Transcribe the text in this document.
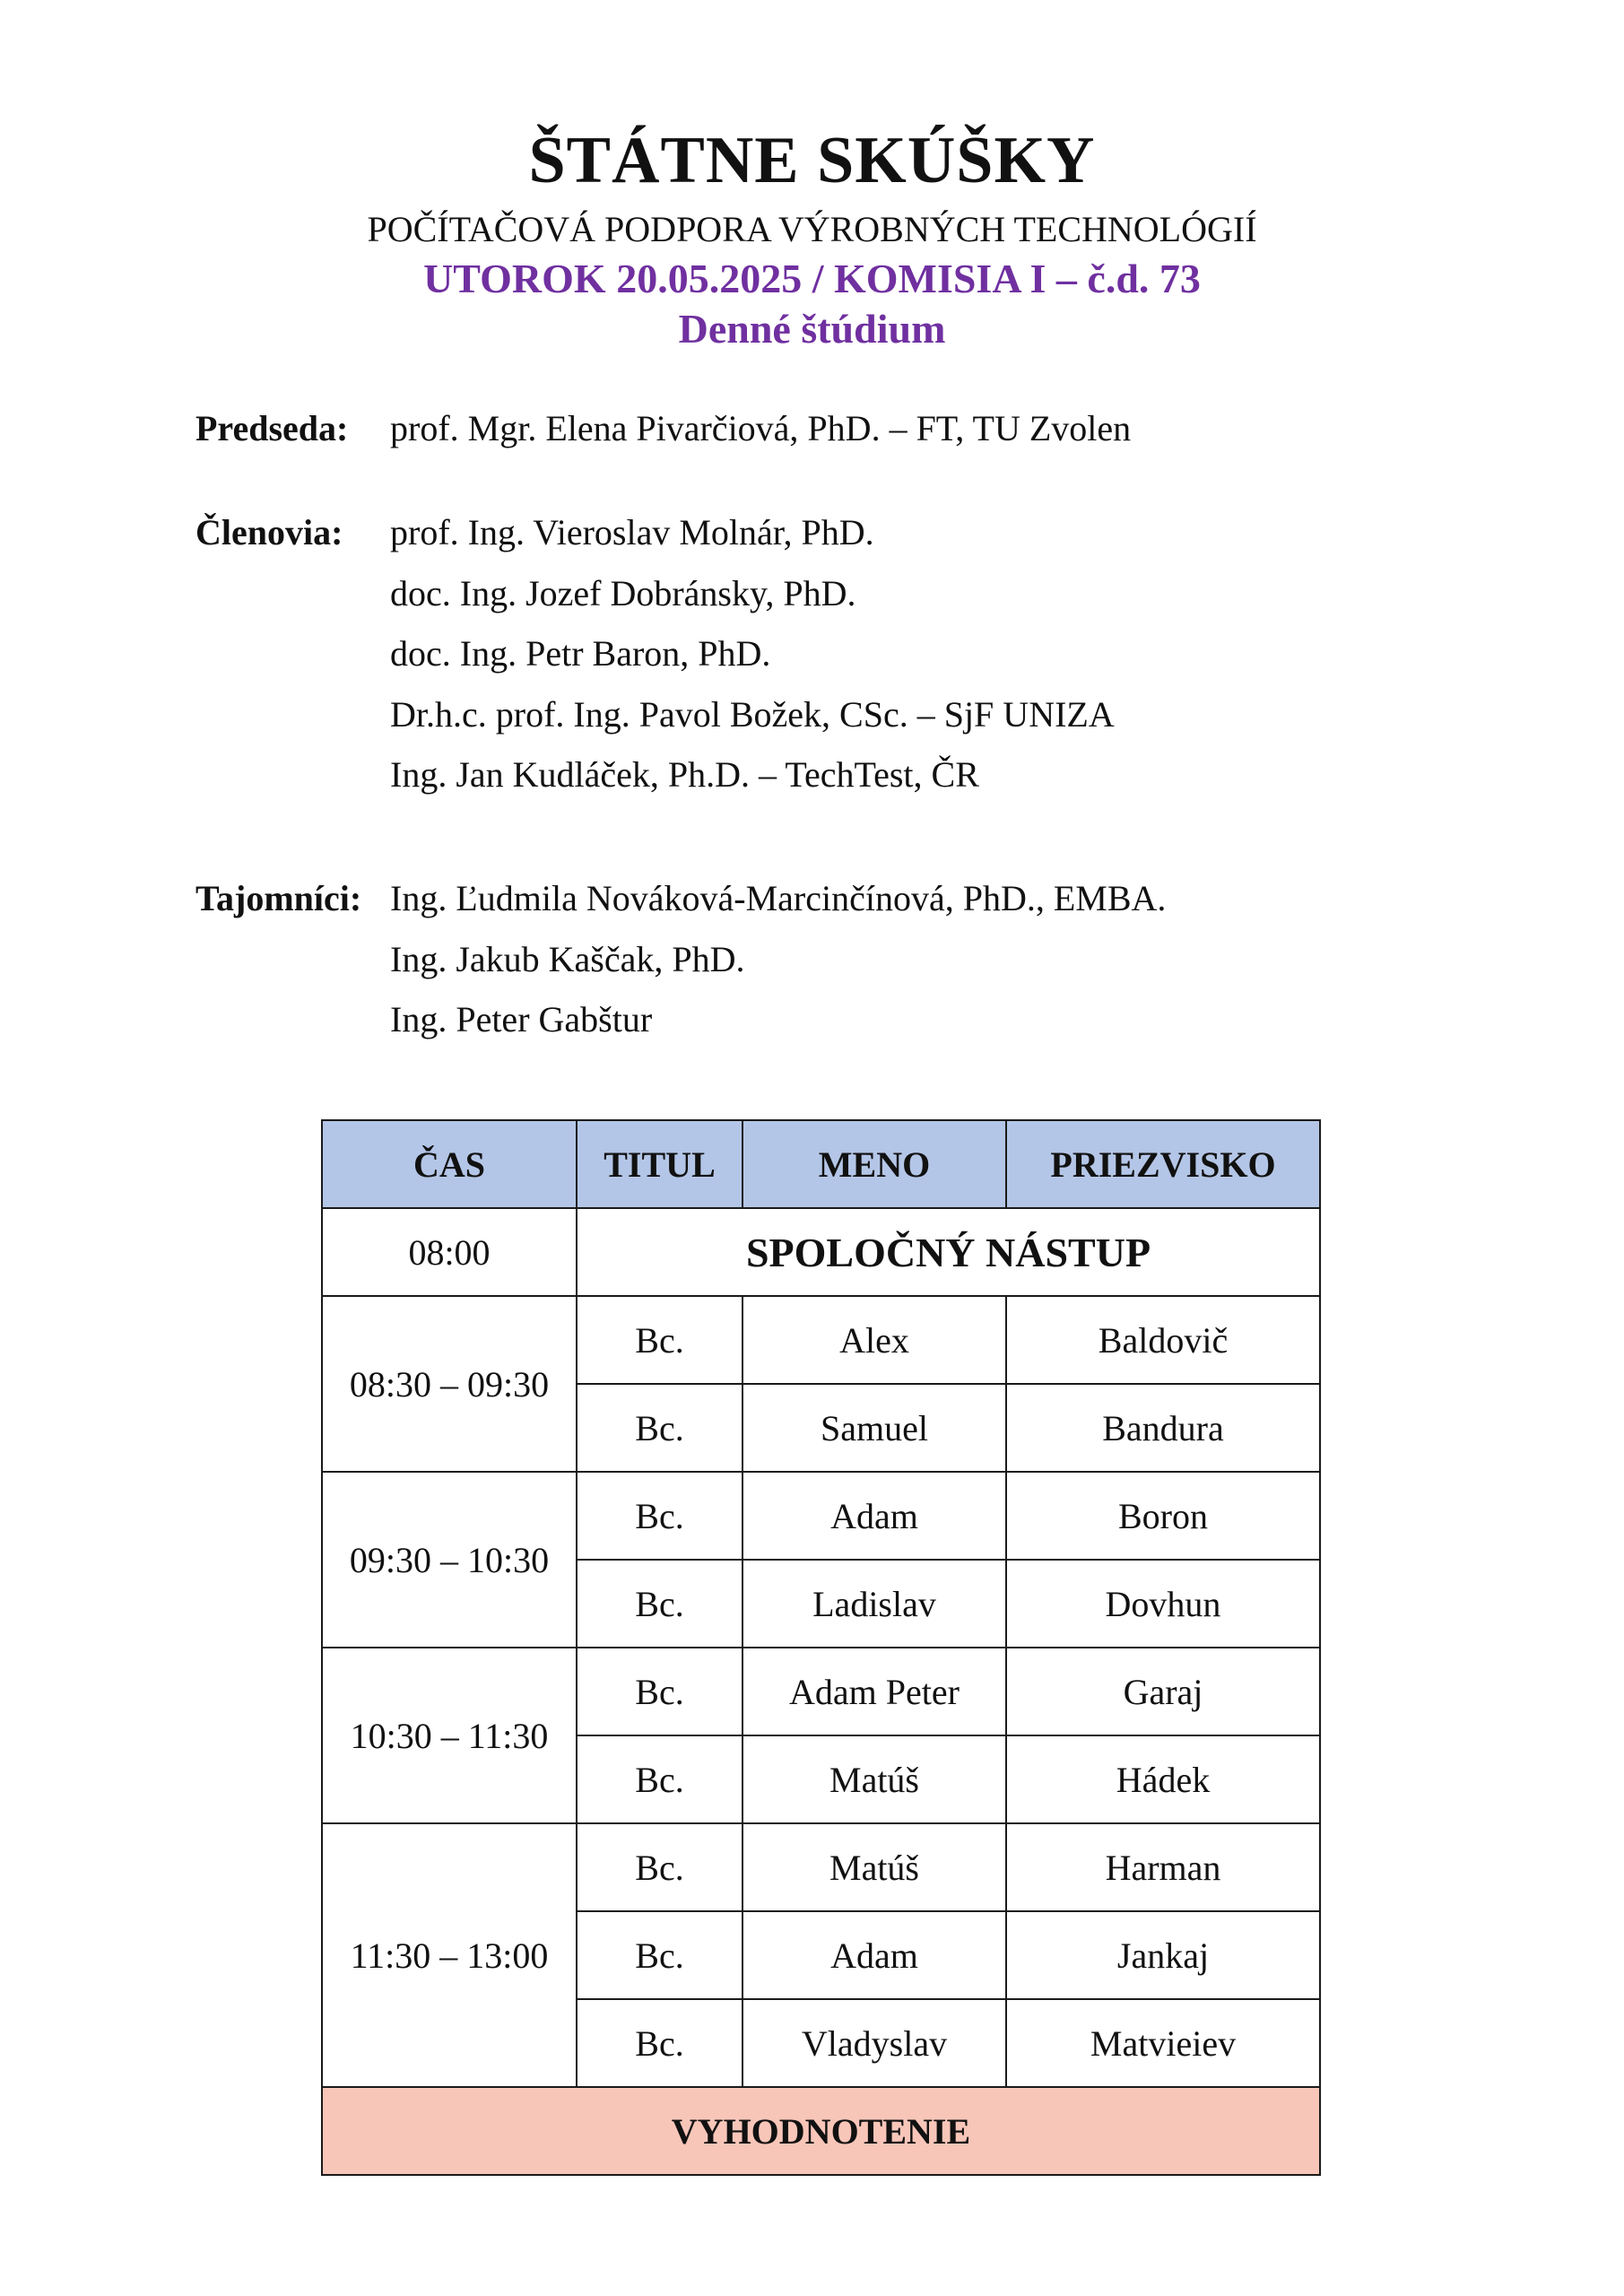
ŠTÁTNE SKÚŠKY
POČÍTAČOVÁ PODPORA VÝROBNÝCH TECHNOLÓGIÍ
UTOROK 20.05.2025 / KOMISIA I – č.d. 73
Denné štúdium
Predseda: prof. Mgr. Elena Pivarčiová, PhD. – FT, TU Zvolen
Členovia: prof. Ing. Vieroslav Molnár, PhD.
doc. Ing. Jozef Dobránsky, PhD.
doc. Ing. Petr Baron, PhD.
Dr.h.c. prof. Ing. Pavol Božek, CSc. – SjF UNIZA
Ing. Jan Kudláček, Ph.D. – TechTest, ČR
Tajomníci: Ing. Ľudmila Nováková-Marcinčínová, PhD., EMBA.
Ing. Jakub Kaščak, PhD.
Ing. Peter Gabštur
ČAS	TITUL	MENO	PRIEZVISKO
08:00	SPOLOČNÝ NÁSTUP		
08:30 – 09:30	Bc.	Alex	Baldovič
	Bc.	Samuel	Bandura
09:30 – 10:30	Bc.	Adam	Boron
	Bc.	Ladislav	Dovhun
10:30 – 11:30	Bc.	Adam Peter	Garaj
	Bc.	Matúš	Hádek
11:30 – 13:00	Bc.	Matúš	Harman
	Bc.	Adam	Jankaj
	Bc.	Vladyslav	Matvieiev
VYHODNOTENIE			
